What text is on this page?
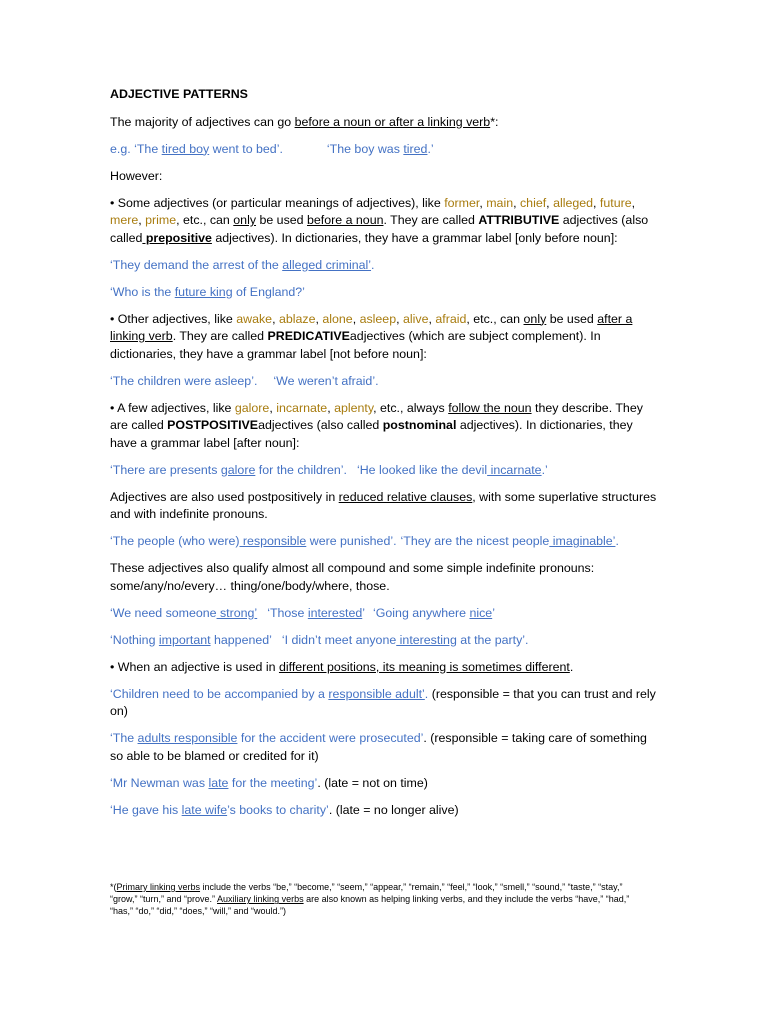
ADJECTIVE PATTERNS

The majority of adjectives can go before a noun or after a linking verb*:

e.g. ‘The tired boy went to bed’.	‘The boy was tired.’

However:

• Some adjectives (or particular meanings of adjectives), like former, main, chief, alleged, future, mere, prime, etc., can only be used before a noun. They are called ATTRIBUTIVE adjectives (also called prepositive adjectives). In dictionaries, they have a grammar label [only before noun]:

‘They demand the arrest of the alleged criminal’.

‘Who is the future king of England?’

• Other adjectives, like awake, ablaze, alone, asleep, alive, afraid, etc., can only be used after a linking verb. They are called PREDICATIVEadjectives (which are subject complement). In dictionaries, they have a grammar label [not before noun]:

‘The children were asleep’. ‘We weren’t afraid’.

• A few adjectives, like galore, incarnate, aplenty, etc., always follow the noun they describe. They are called POSTPOSITIVEadjectives (also called postnominal adjectives). In dictionaries, they have a grammar label [after noun]:

‘There are presents galore for the children’. ‘He looked like the devil incarnate.’

Adjectives are also used postpositively in reduced relative clauses, with some superlative structures and with indefinite pronouns.

‘The people (who were) responsible were punished’. ‘They are the nicest people imaginable’.

These adjectives also qualify almost all compound and some simple indefinite pronouns: some/any/no/every… thing/one/body/where, those.

‘We need someone strong’ ‘Those interested’ ‘Going anywhere nice’

‘Nothing important happened’ ‘I didn’t meet anyone interesting at the party’.

• When an adjective is used in different positions, its meaning is sometimes different.

‘Children need to be accompanied by a responsible adult’. (responsible = that you can trust and rely on)

‘The adults responsible for the accident were prosecuted’. (responsible = taking care of something so able to be blamed or credited for it)

‘Mr Newman was late for the meeting’. (late = not on time)

‘He gave his late wife’s books to charity’. (late = no longer alive)

*(Primary linking verbs include the verbs “be,” “become,” “seem,” “appear,” “remain,” “feel,” “look,” “smell,” “sound,” “taste,” “stay,” “grow,” “turn,” and “prove.” Auxiliary linking verbs are also known as helping linking verbs, and they include the verbs “have,” “had,” “has,” “do,” “did,” “does,” “will,” and “would.”)
